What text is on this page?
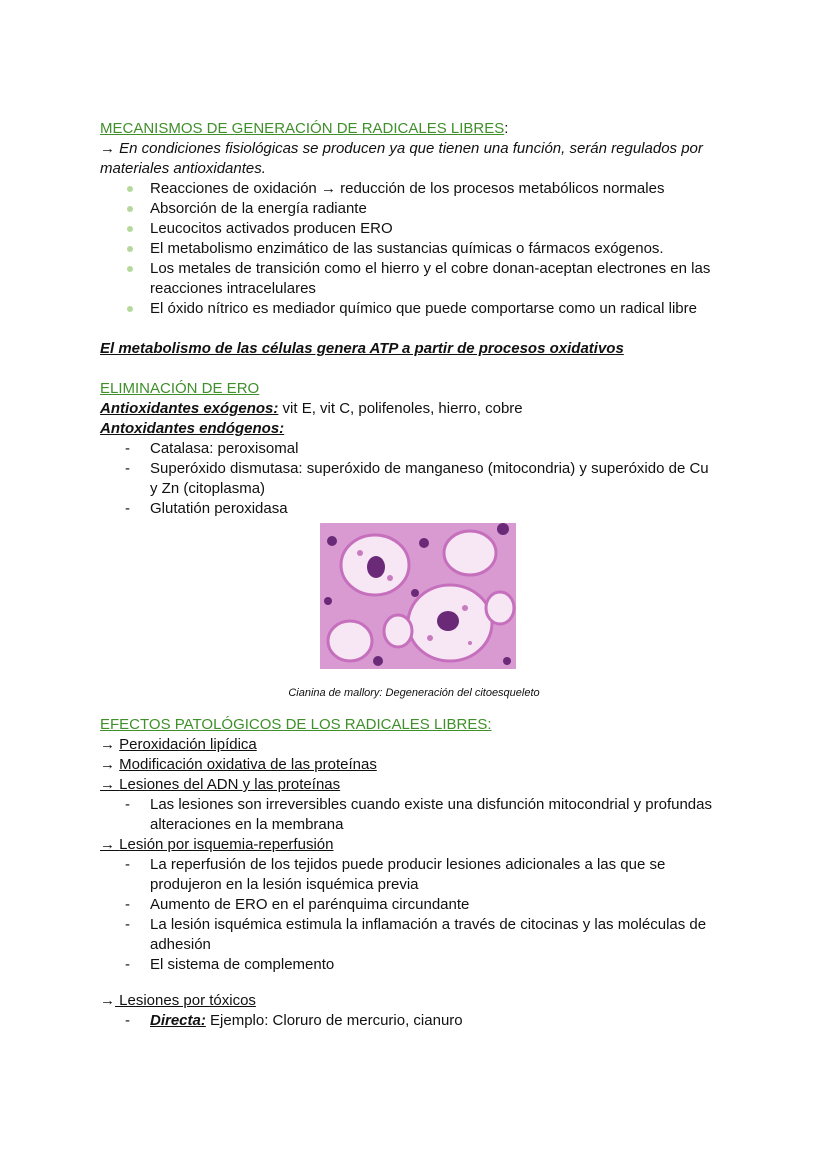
MECANISMOS DE GENERACIÓN DE RADICALES LIBRES:
→ En condiciones fisiológicas se producen ya que tienen una función, serán regulados por
materiales antioxidantes.
Reacciones de oxidación → reducción de los procesos metabólicos normales
Absorción de la energía radiante
Leucocitos activados producen ERO
El metabolismo enzimático de las sustancias químicas o fármacos exógenos.
Los metales de transición como el hierro y el cobre donan-aceptan electrones en las
reacciones intracelulares
El óxido nítrico es mediador químico que puede comportarse como un radical libre
El metabolismo de las células genera ATP a partir de procesos oxidativos
ELIMINACIÓN DE ERO
Antioxidantes exógenos: vit E, vit C, polifenoles, hierro, cobre
Antoxidantes endógenos:
- Catalasa: peroxisomal
- Superóxido dismutasa: superóxido de manganeso (mitocondria) y superóxido de Cu
y Zn (citoplasma)
- Glutatión peroxidasa
Cianina de mallory: Degeneración del citoesqueleto
EFECTOS PATOLÓGICOS DE LOS RADICALES LIBRES:
→ Peroxidación lipídica
→ Modificación oxidativa de las proteínas
→ Lesiones del ADN y las proteínas
- Las lesiones son irreversibles cuando existe una disfunción mitocondrial y profundas
alteraciones en la membrana
→ Lesión por isquemia-reperfusión
- La reperfusión de los tejidos puede producir lesiones adicionales a las que se
produjeron en la lesión isquémica previa
- Aumento de ERO en el parénquima circundante
- La lesión isquémica estimula la inflamación a través de citocinas y las moléculas de
adhesión
- El sistema de complemento
→ Lesiones por tóxicos
- Directa: Ejemplo: Cloruro de mercurio, cianuro
